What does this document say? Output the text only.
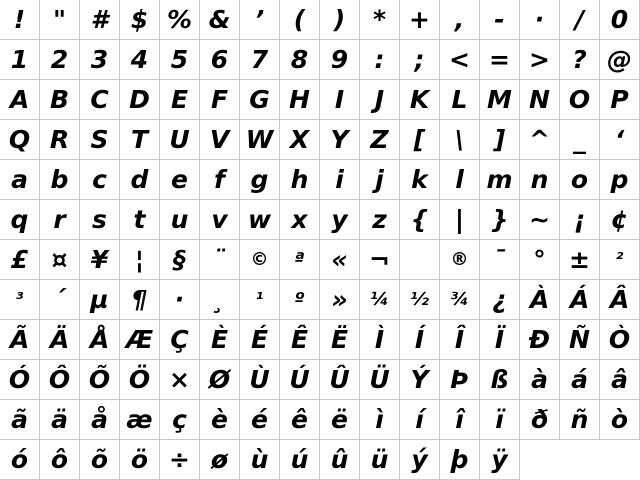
! " # $ % & ’ ( ) * + , - · / 0
1 2 3 4 5 6 7 8 9 : ; < = > ? @
A B C D E F G H I J K L M N O P
Q R S T U V W X Y Z [ \ ] ^ _ ‘
a b c d e f g h i j k l m n o p
q r s t u v w x y z { | } ~ ¡ ¢
£ ¤ ¥ ¦ § ¨ © ª « ¬	® ¯ ° ± ²
³ ´ µ ¶ · ¸ ¹ º » ¼ ½ ¾ ¿ À Á Â
Ã Ä Å Æ Ç È É Ê Ë Ì Í Î Ï Ð Ñ Ò
Ó Ô Õ Ö × Ø Ù Ú Û Ü Ý Þ ß à á â
ã ä å æ ç è é ê ë ì í î ï ð ñ ò
ó ô õ ö ÷ ø ù ú û ü ý þ ÿ
